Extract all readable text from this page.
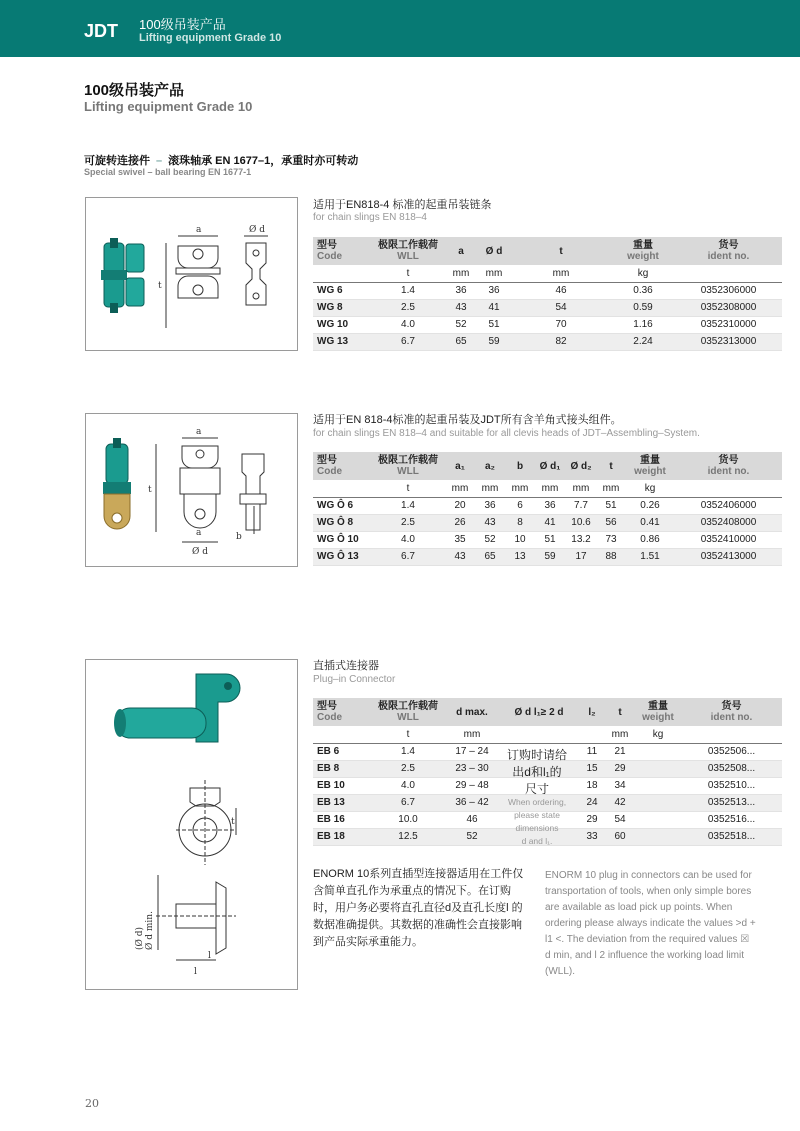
JDT 100级吊装产品
Lifting equipment Grade 10
100级吊装产品
Lifting equipment Grade 10
可旋转连接件 – 滚珠轴承 EN 1677–1，承重时亦可转动
Special swivel – ball bearing EN 1677-1
a	Ø d
t
适用于EN818-4 标准的起重吊装链条
for chain slings EN 818–4
型号
Code	极限工作载荷
WLL	a	Ø d	t	重量
weight	货号
ident no.

	t	mm	mm	mm	kg	
WG 6	1.4	36	36	46	0.36	0352306000
WG 8	2.5	43	41	54	0.59	0352308000
WG 10	4.0	52	51	70	1.16	0352310000
WG 13	6.7	65	59	82	2.24	0352313000
a
a
Ø d
t
b
适用于EN 818-4标准的起重吊装及JDT所有含羊角式接头组件。
for chain slings EN 818–4 and suitable for all clevis heads of JDT–Assembling–System.
型号
Code	极限工作载荷
WLL	a₁	a₂	b	Ø d₁	Ø d₂	t	重量
weight	货号
ident no.

	t	mm	mm	mm	mm	mm	mm	kg	
WG Ô 6	1.4	20	36	6	36	7.7	51	0.26	0352406000
WG Ô 8	2.5	26	43	8	41	10.6	56	0.41	0352408000
WG Ô 10	4.0	35	52	10	51	13.2	73	0.86	0352410000
WG Ô 13	6.7	43	65	13	59	17	88	1.51	0352413000
t
Ø d min.
(Ø d)
l
l
直插式连接器
Plug–in Connector
型号
Code	极限工作载荷
WLL	d max.	Ø d l₁≥ 2 d	l₂	t	重量
weight	货号
ident no.

	t	mm			mm	kg	
EB 6	1.4	17 – 24		11	21		0352506...
EB 8	2.5	23 – 30		15	29		0352508...
EB 10	4.0	29 – 48		18	34		0352510...
EB 13	6.7	36 – 42		24	42		0352513...
EB 16	10.0	46		29	54		0352516...
EB 18	12.5	52		33	60		0352518...
订购时请给
出d和l₁的
尺寸
When ordering,
please state
dimensions
d and l₁.
ENORM 10系列直插型连接器适用在工件仅含简单直孔作为承重点的情况下。在订购时，用户务必要将直孔直径d及直孔长度l 的数据准确提供。其数据的准确性会直接影响到产品实际承重能力。
ENORM 10 plug in connectors can be used for transportation of tools, when only simple bores are available as load pick up points. When ordering please always indicate the values >d + l1 <. The deviation from the required values ☒ d min, and l 2 influence the working load limit (WLL).
20
